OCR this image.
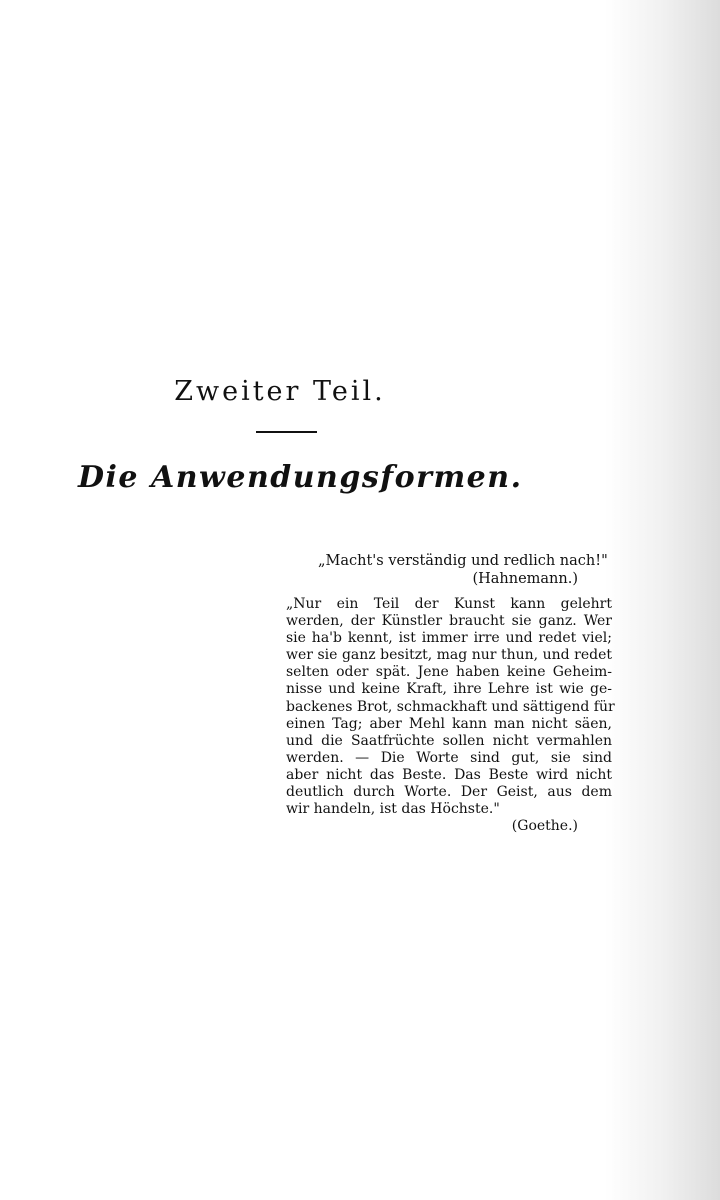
Zweiter Teil.
Die Anwendungsformen.
„Macht's verständig und redlich nach!"
(Hahnemann.)
„Nur ein Teil der Kunst kann gelehrt
werden, der Künstler braucht sie ganz. Wer
sie ha'b kennt, ist immer irre und redet viel;
wer sie ganz besitzt, mag nur thun, und redet
selten oder spät. Jene haben keine Geheim-
nisse und keine Kraft, ihre Lehre ist wie ge-
backenes Brot, schmackhaft und sättigend für
einen Tag; aber Mehl kann man nicht säen,
und die Saatfrüchte sollen nicht vermahlen
werden. — Die Worte sind gut, sie sind
aber nicht das Beste. Das Beste wird nicht
deutlich durch Worte. Der Geist, aus dem
wir handeln, ist das Höchste."
(Goethe.)
